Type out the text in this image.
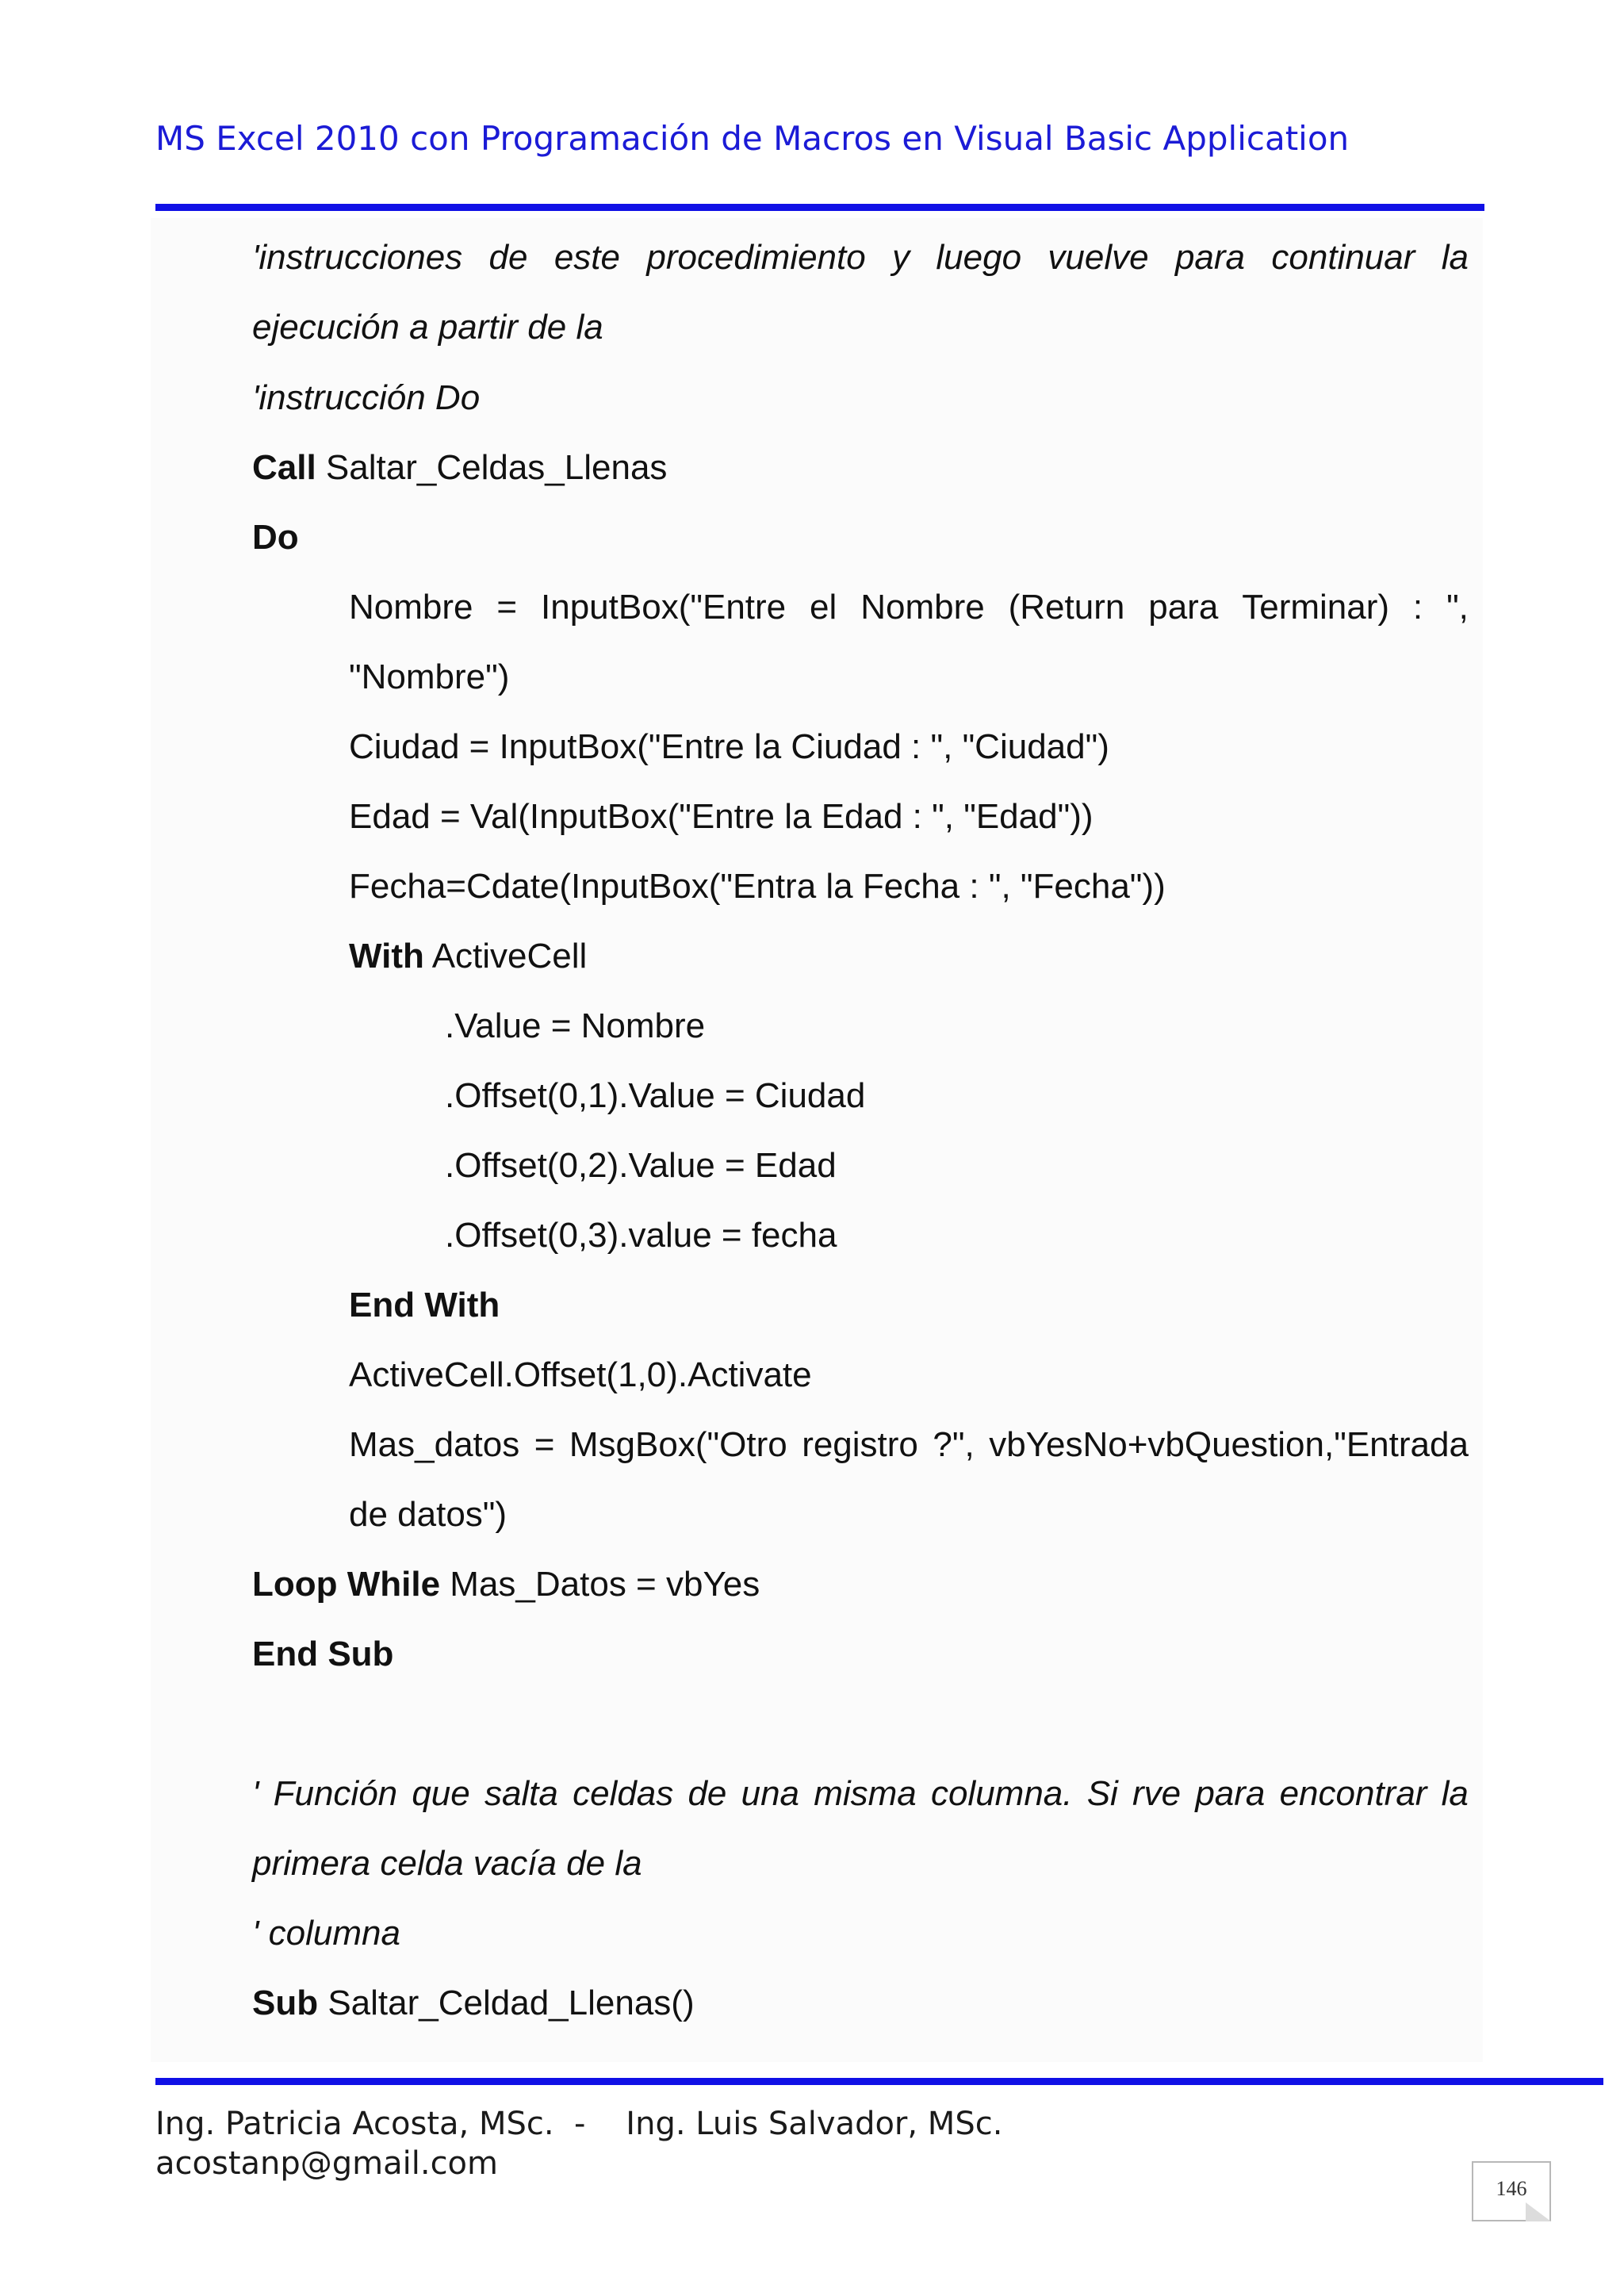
MS Excel 2010 con Programación de Macros en Visual Basic Application
'instrucciones de este procedimiento y luego vuelve para continuar la
ejecución a partir de la
'instrucción Do
Call Saltar_Celdas_Llenas
Do
Nombre = InputBox("Entre el Nombre (Return para Terminar) : ",
"Nombre")
Ciudad = InputBox("Entre la Ciudad : ", "Ciudad")
Edad = Val(InputBox("Entre la Edad : ", "Edad"))
Fecha=Cdate(InputBox("Entra la Fecha : ", "Fecha"))
With ActiveCell
.Value = Nombre
.Offset(0,1).Value = Ciudad
.Offset(0,2).Value = Edad
.Offset(0,3).value = fecha
End With
ActiveCell.Offset(1,0).Activate
Mas_datos = MsgBox("Otro registro ?", vbYesNo+vbQuestion,"Entrada
de datos")
Loop While Mas_Datos = vbYes
End Sub
' Función que salta celdas de una misma columna. Si rve para encontrar la
primera celda vacía de la
' columna
Sub Saltar_Celdad_Llenas()
Ing. Patricia Acosta, MSc.  -    Ing. Luis Salvador, MSc.
acostanp@gmail.com
146
